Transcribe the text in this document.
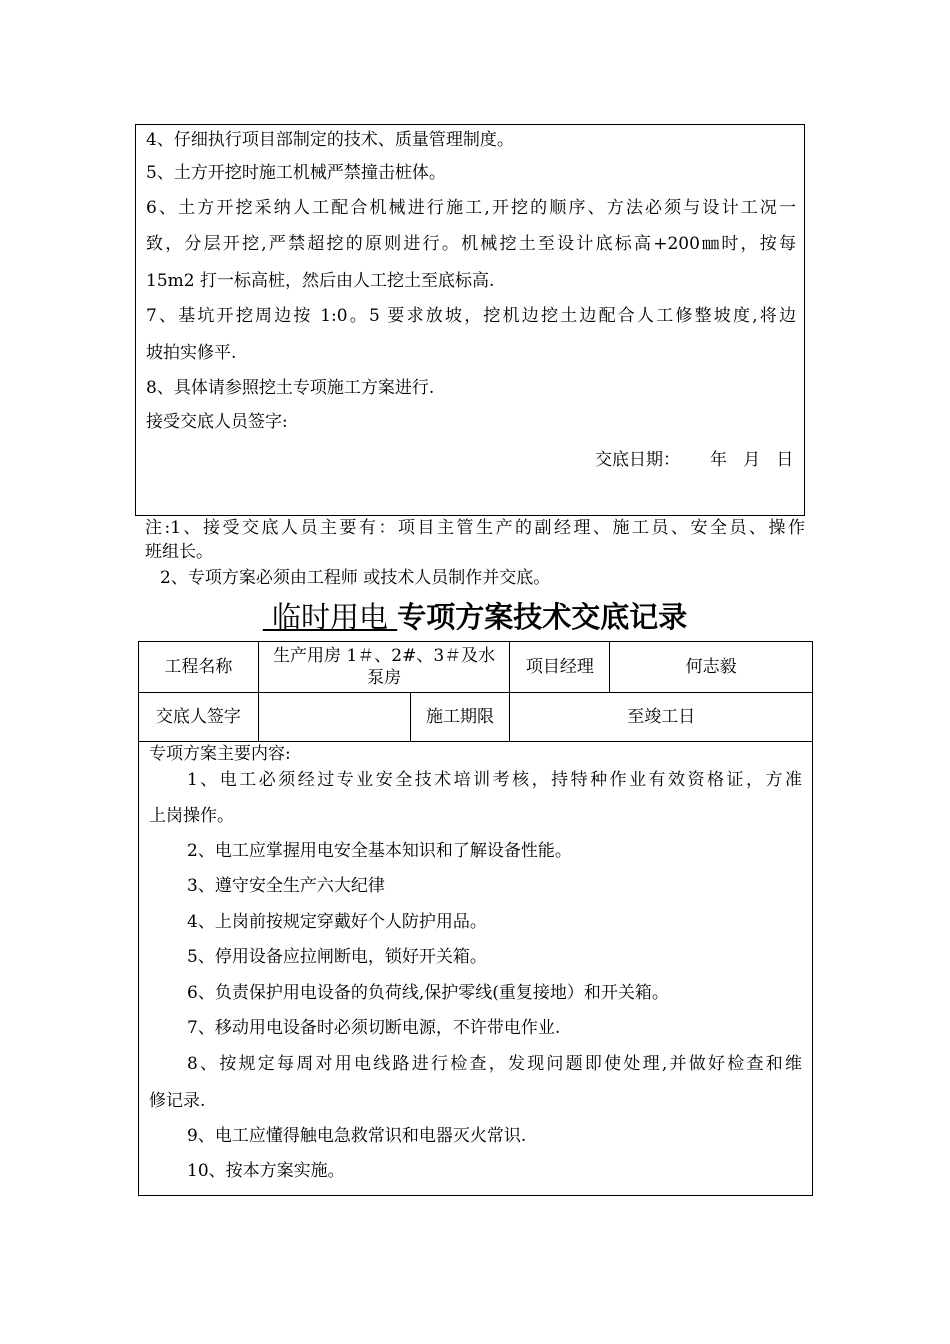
4、仔细执行项目部制定的技术、质量管理制度。
5、土方开挖时施工机械严禁撞击桩体。
6、土方开挖采纳人工配合机械进行施工,开挖的顺序、方法必须与设计工况一
致，分层开挖,严禁超挖的原则进行。机械挖土至设计底标高+200㎜时，按每
15m2 打一标高桩，然后由人工挖土至底标高.
7、基坑开挖周边按 1:0。5 要求放坡，挖机边挖土边配合人工修整坡度,将边
坡拍实修平.
8、具体请参照挖土专项施工方案进行.
接受交底人员签字:
交底日期： 年   月   日
注:1、接受交底人员主要有：项目主管生产的副经理、施工员、安全员、操作
班组长。
2、专项方案必须由工程师 或技术人员制作并交底。
临时用电 专项方案技术交底记录
工程名称	生产用房 1＃、2#、3＃及水
泵房		项目经理	何志毅
交底人签字		施工期限	至竣工日	
专项方案主要内容:
1、电工必须经过专业安全技术培训考核，持特种作业有效资格证，方准
上岗操作。
2、电工应掌握用电安全基本知识和了解设备性能。
3、遵守安全生产六大纪律
4、上岗前按规定穿戴好个人防护用品。
5、停用设备应拉闸断电，锁好开关箱。
6、负责保护用电设备的负荷线,保护零线(重复接地）和开关箱。
7、移动用电设备时必须切断电源，不许带电作业.
8、按规定每周对用电线路进行检查，发现问题即使处理,并做好检查和维
修记录.
9、电工应懂得触电急救常识和电器灭火常识.
10、按本方案实施。
